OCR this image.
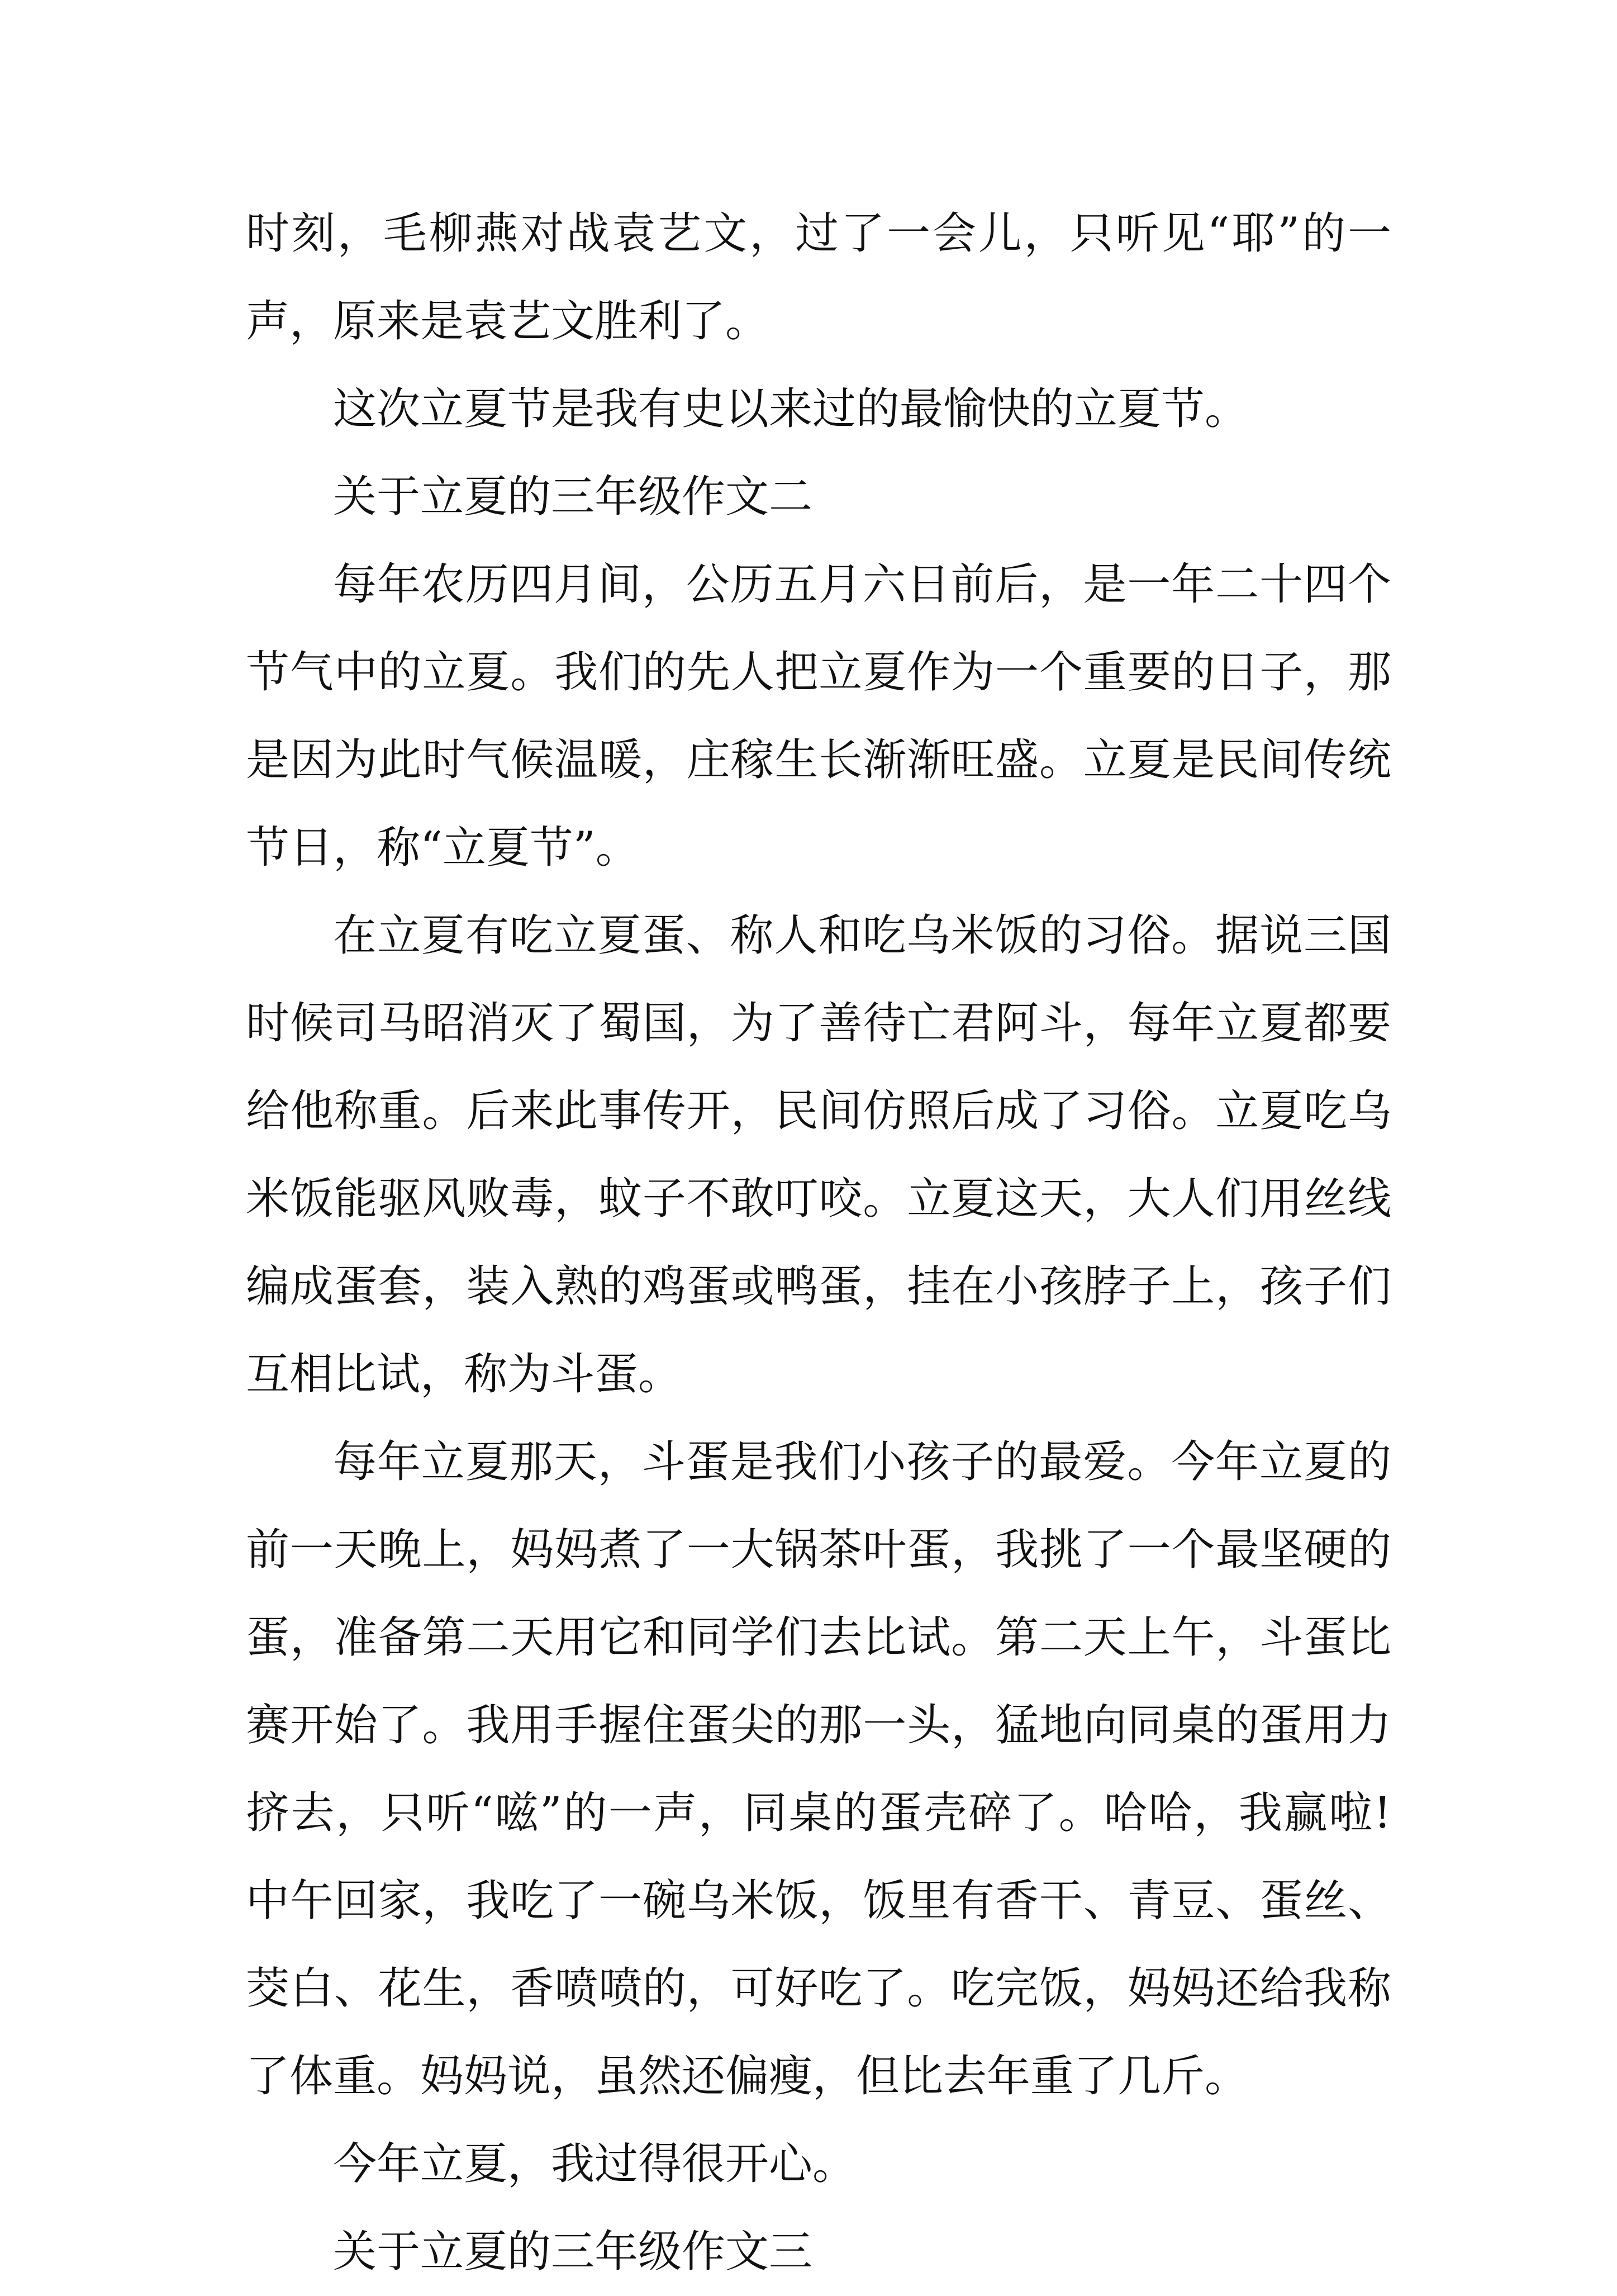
时刻，毛柳燕对战袁艺文，过了一会儿，只听见“耶”的一声，原来是袁艺文胜利了。

这次立夏节是我有史以来过的最愉快的立夏节。

关于立夏的三年级作文二

每年农历四月间，公历五月六日前后，是一年二十四个节气中的立夏。我们的先人把立夏作为一个重要的日子，那是因为此时气候温暖，庄稼生长渐渐旺盛。立夏是民间传统节日，称“立夏节”。

在立夏有吃立夏蛋、称人和吃乌米饭的习俗。据说三国时候司马昭消灭了蜀国，为了善待亡君阿斗，每年立夏都要给他称重。后来此事传开，民间仿照后成了习俗。立夏吃乌米饭能驱风败毒，蚊子不敢叮咬。立夏这天，大人们用丝线编成蛋套，装入熟的鸡蛋或鸭蛋，挂在小孩脖子上，孩子们互相比试，称为斗蛋。

每年立夏那天，斗蛋是我们小孩子的最爱。今年立夏的前一天晚上，妈妈煮了一大锅茶叶蛋，我挑了一个最坚硬的蛋，准备第二天用它和同学们去比试。第二天上午，斗蛋比赛开始了。我用手握住蛋尖的那一头，猛地向同桌的蛋用力挤去，只听“嗞”的一声，同桌的蛋壳碎了。哈哈，我赢啦!中午回家，我吃了一碗乌米饭，饭里有香干、青豆、蛋丝、茭白、花生，香喷喷的，可好吃了。吃完饭，妈妈还给我称了体重。妈妈说，虽然还偏瘦，但比去年重了几斤。

今年立夏，我过得很开心。

关于立夏的三年级作文三
